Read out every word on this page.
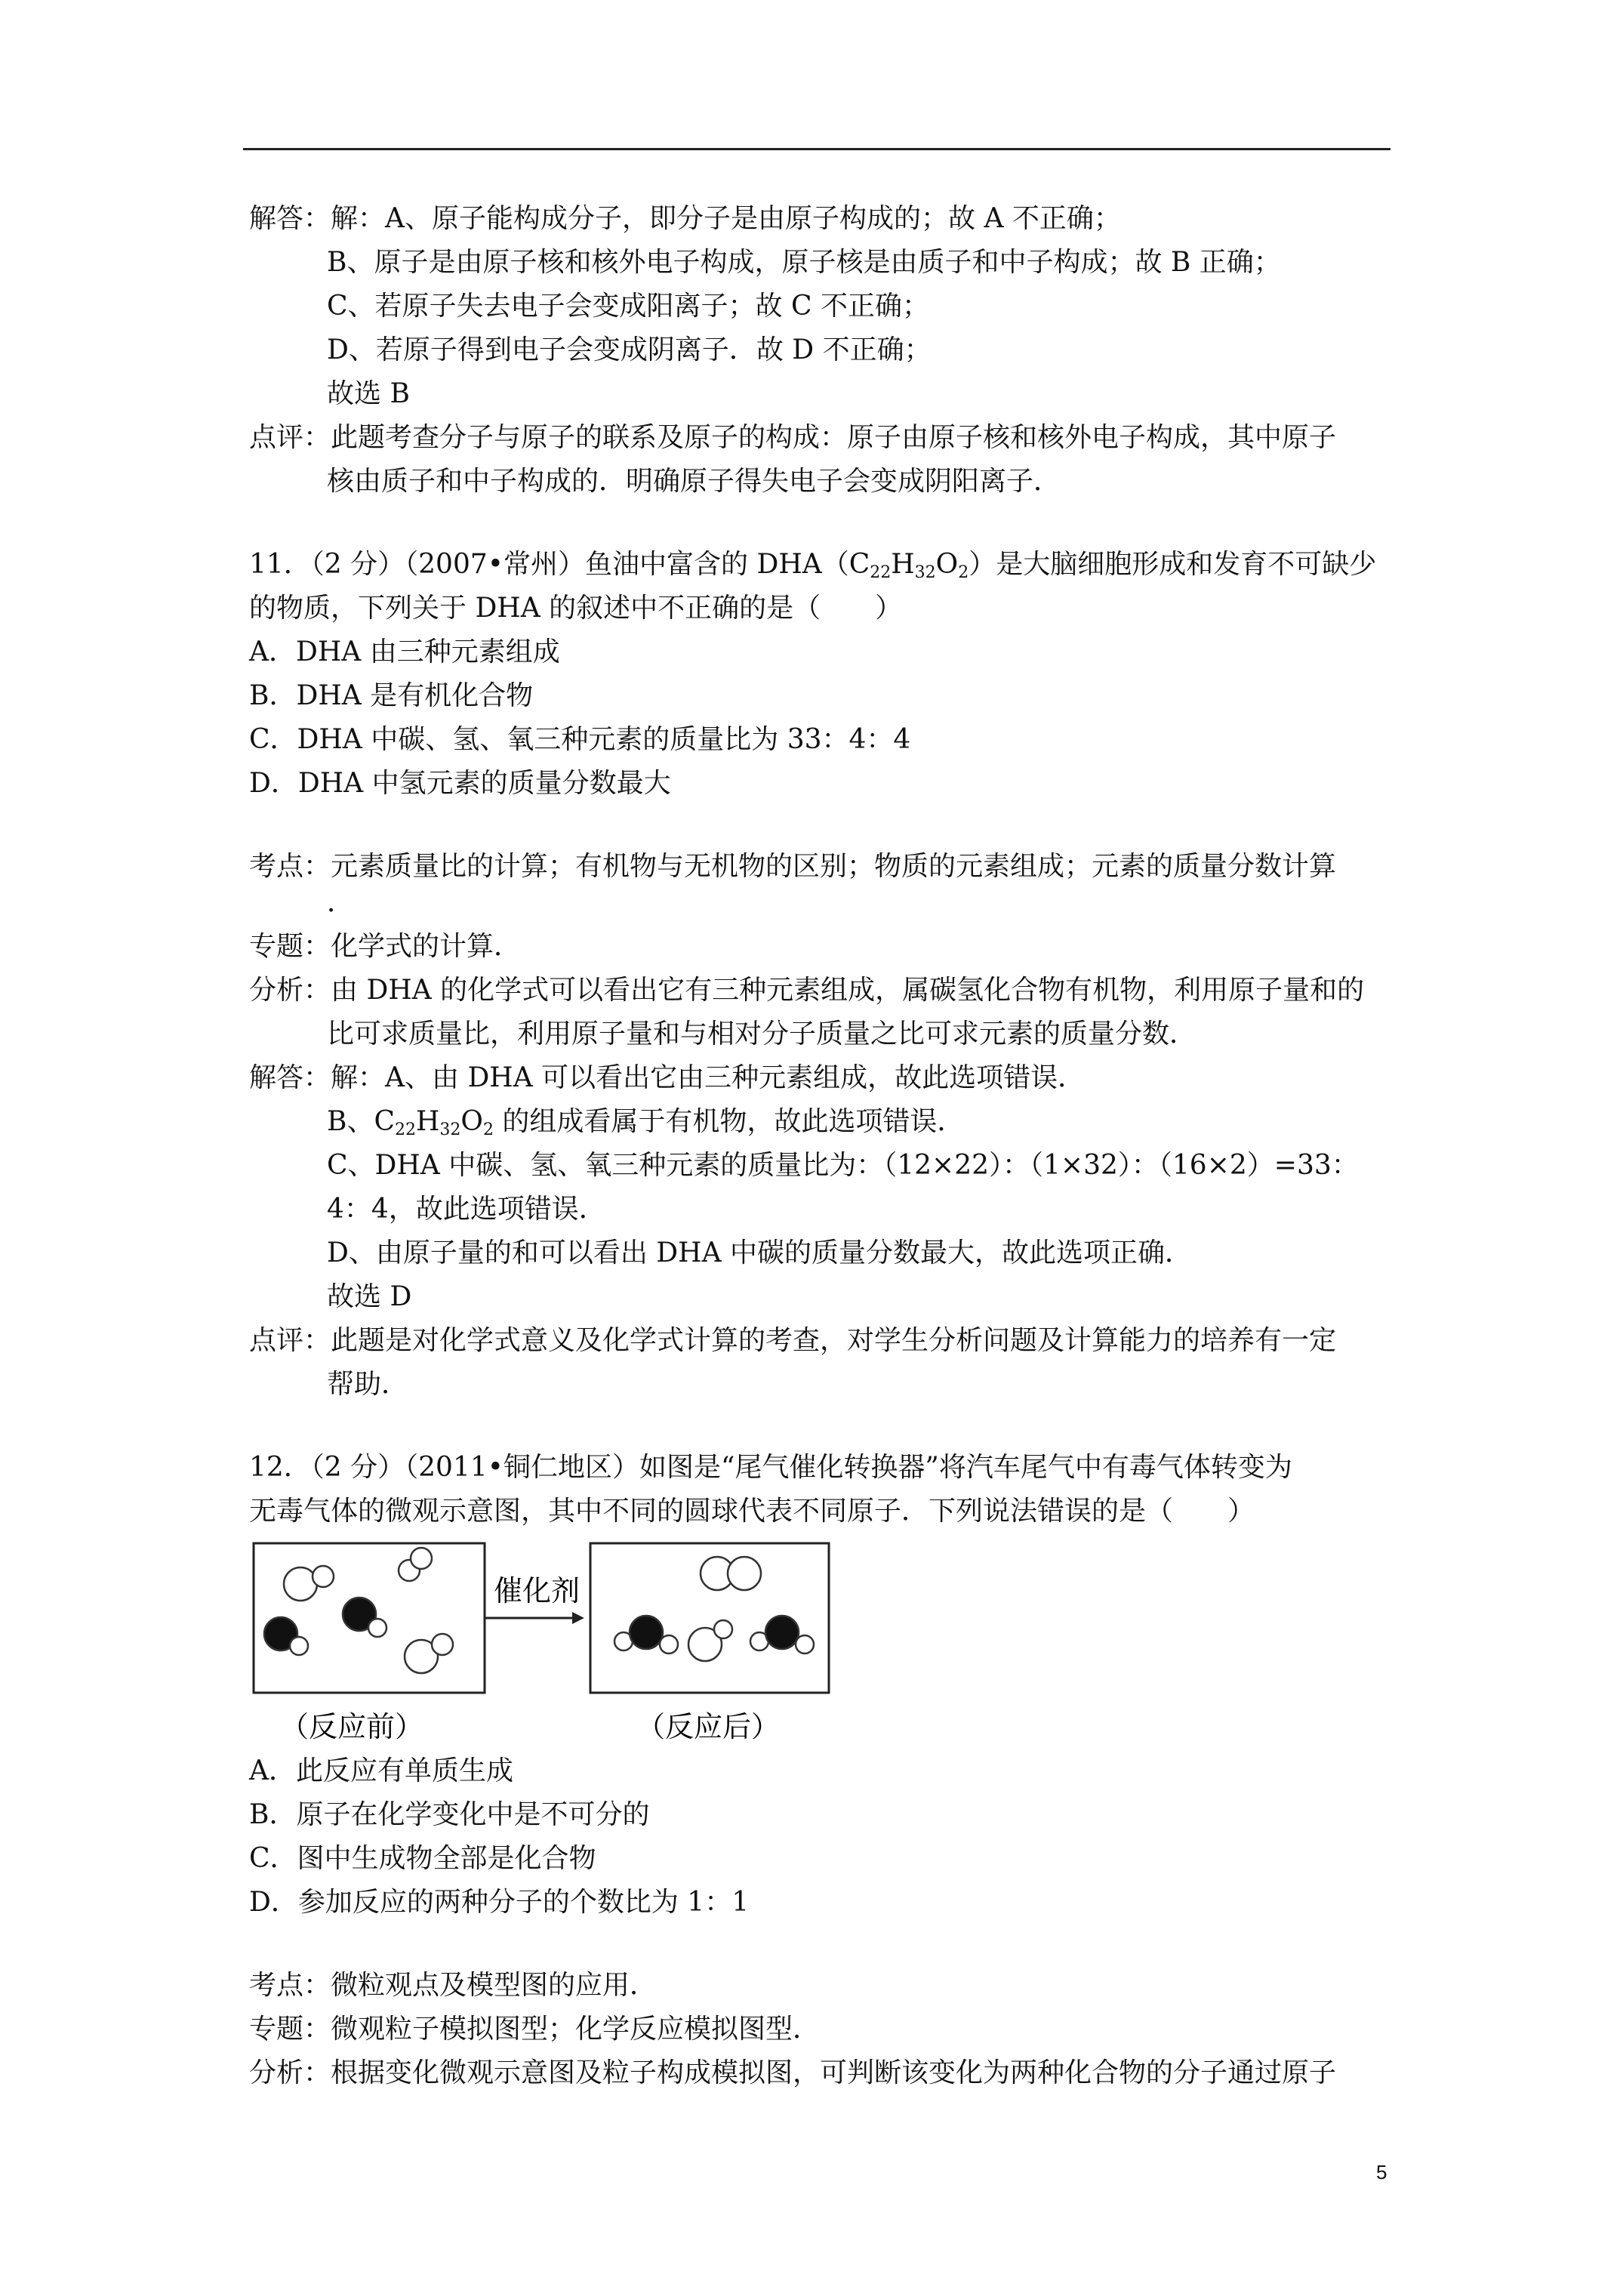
解答：解：A、原子能构成分子，即分子是由原子构成的；故 A 不正确；
B、原子是由原子核和核外电子构成，原子核是由质子和中子构成；故 B 正确；
C、若原子失去电子会变成阳离子；故 C 不正确；
D、若原子得到电子会变成阴离子．故 D 不正确；
故选 B
点评：此题考查分子与原子的联系及原子的构成：原子由原子核和核外电子构成，其中原子
核由质子和中子构成的．明确原子得失电子会变成阴阳离子．
11．（2 分）（2007•常州）鱼油中富含的 $DHA(C_{22}H_{32}O_2)$是大脑细胞形成和发育不可缺少
的物质，下列关于 DHA 的叙述中不正确的是（　　）
A．DHA 由三种元素组成
B．DHA 是有机化合物
C．DHA 中碳、氢、氧三种元素的质量比为 33：4：4
D．DHA 中氢元素的质量分数最大
考点：元素质量比的计算；有机物与无机物的区别；物质的元素组成；元素的质量分数计算
．
专题：化学式的计算．
分析：由 DHA 的化学式可以看出它有三种元素组成，属碳氢化合物有机物，利用原子量和的
比可求质量比，利用原子量和与相对分子质量之比可求元素的质量分数．
解答：解：A、由 DHA 可以看出它由三种元素组成，故此选项错误．
B、$C_{22}H_{32}O_2$ 的组成看属于有机物，故此选项错误．
C、DHA 中碳、氢、氧三种元素的质量比为：（12×22）：（1×32）：（16×2）=33：
4：4，故此选项错误．
D、由原子量的和可以看出 DHA 中碳的质量分数最大，故此选项正确．
故选 D
点评：此题是对化学式意义及化学式计算的考查，对学生分析问题及计算能力的培养有一定
帮助．
12．（2 分）（2011•铜仁地区）如图是“尾气催化转换器”将汽车尾气中有毒气体转变为
无毒气体的微观示意图，其中不同的圆球代表不同原子．下列说法错误的是（　　）
催化剂
（反应前）	（反应后）
A．此反应有单质生成
B．原子在化学变化中是不可分的
C．图中生成物全部是化合物
D．参加反应的两种分子的个数比为 1：1
考点：微粒观点及模型图的应用．
专题：微观粒子模拟图型；化学反应模拟图型．
分析：根据变化微观示意图及粒子构成模拟图，可判断该变化为两种化合物的分子通过原子
5
